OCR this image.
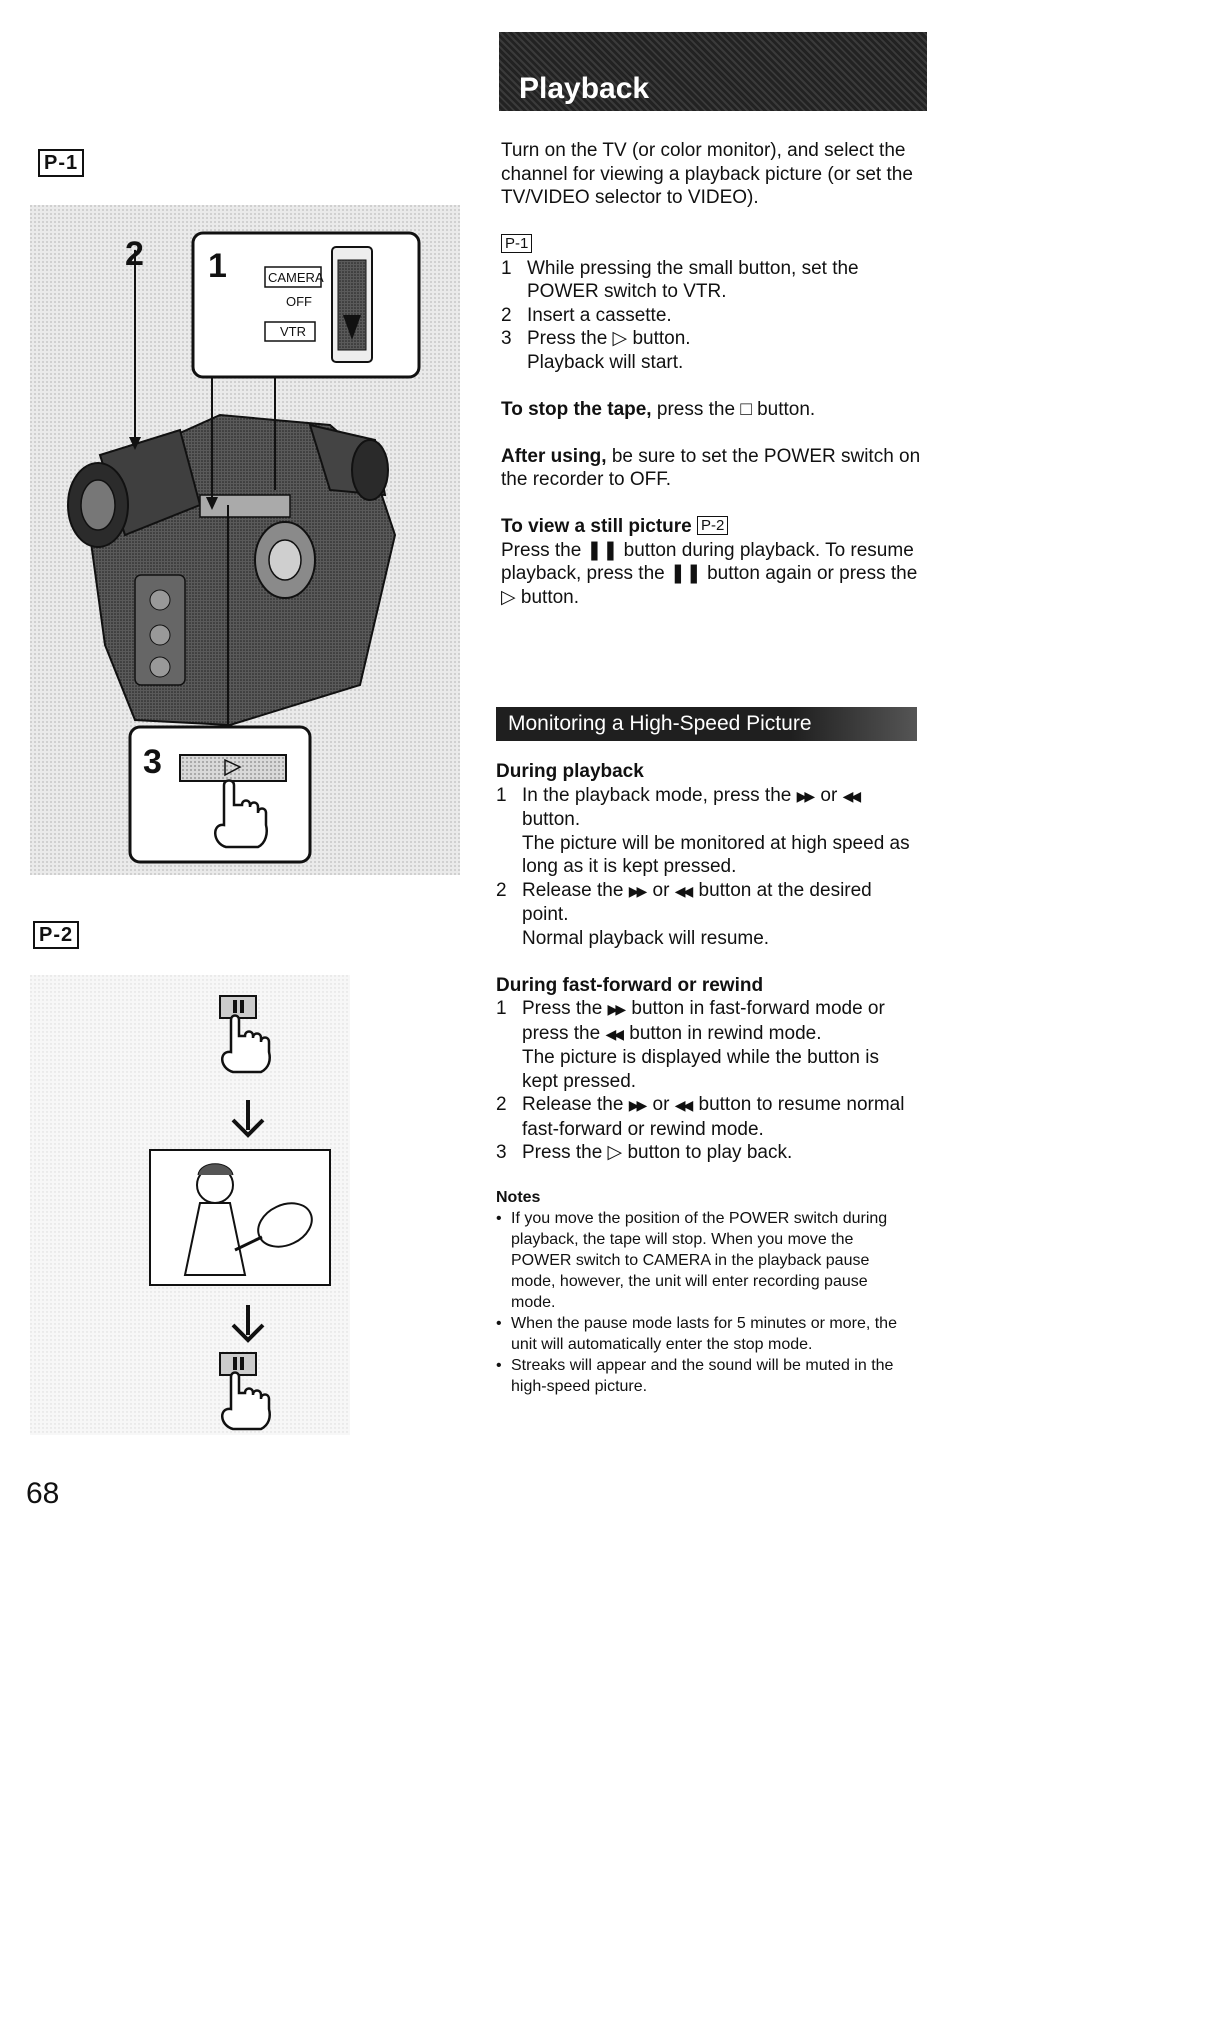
Playback
P-1
P-2
1	CAMERA
OFF
VTR
2
3

Turn on the TV (or color monitor), and select the channel for viewing a playback picture (or set the TV/VIDEO selector to VIDEO).

P-1

1 While pressing the small button, set the POWER switch to VTR.
2 Insert a cassette.
3 Press the ▷ button.
Playback will start.

To stop the tape, press the □ button.

After using, be sure to set the POWER switch on the recorder to OFF.

To view a still picture P-2

Press the ❚❚ button during playback. To resume playback, press the ❚❚ button again or press the ▷ button.

Monitoring a High-Speed Picture

During playback

1 In the playback mode, press the ▶▶ or ◀◀ button.
The picture will be monitored at high speed as long as it is kept pressed.
2 Release the ▶▶ or ◀◀ button at the desired point.
Normal playback will resume.

During fast-forward or rewind

1 Press the ▶▶ button in fast-forward mode or press the ◀◀ button in rewind mode.
The picture is displayed while the button is kept pressed.
2 Release the ▶▶ or ◀◀ button to resume normal fast-forward or rewind mode.
3 Press the ▷ button to play back.

Notes

• If you move the position of the POWER switch during playback, the tape will stop. When you move the POWER switch to CAMERA in the playback pause mode, however, the unit will enter recording pause mode.
• When the pause mode lasts for 5 minutes or more, the unit will automatically enter the stop mode.
• Streaks will appear and the sound will be muted in the high-speed picture.
68
